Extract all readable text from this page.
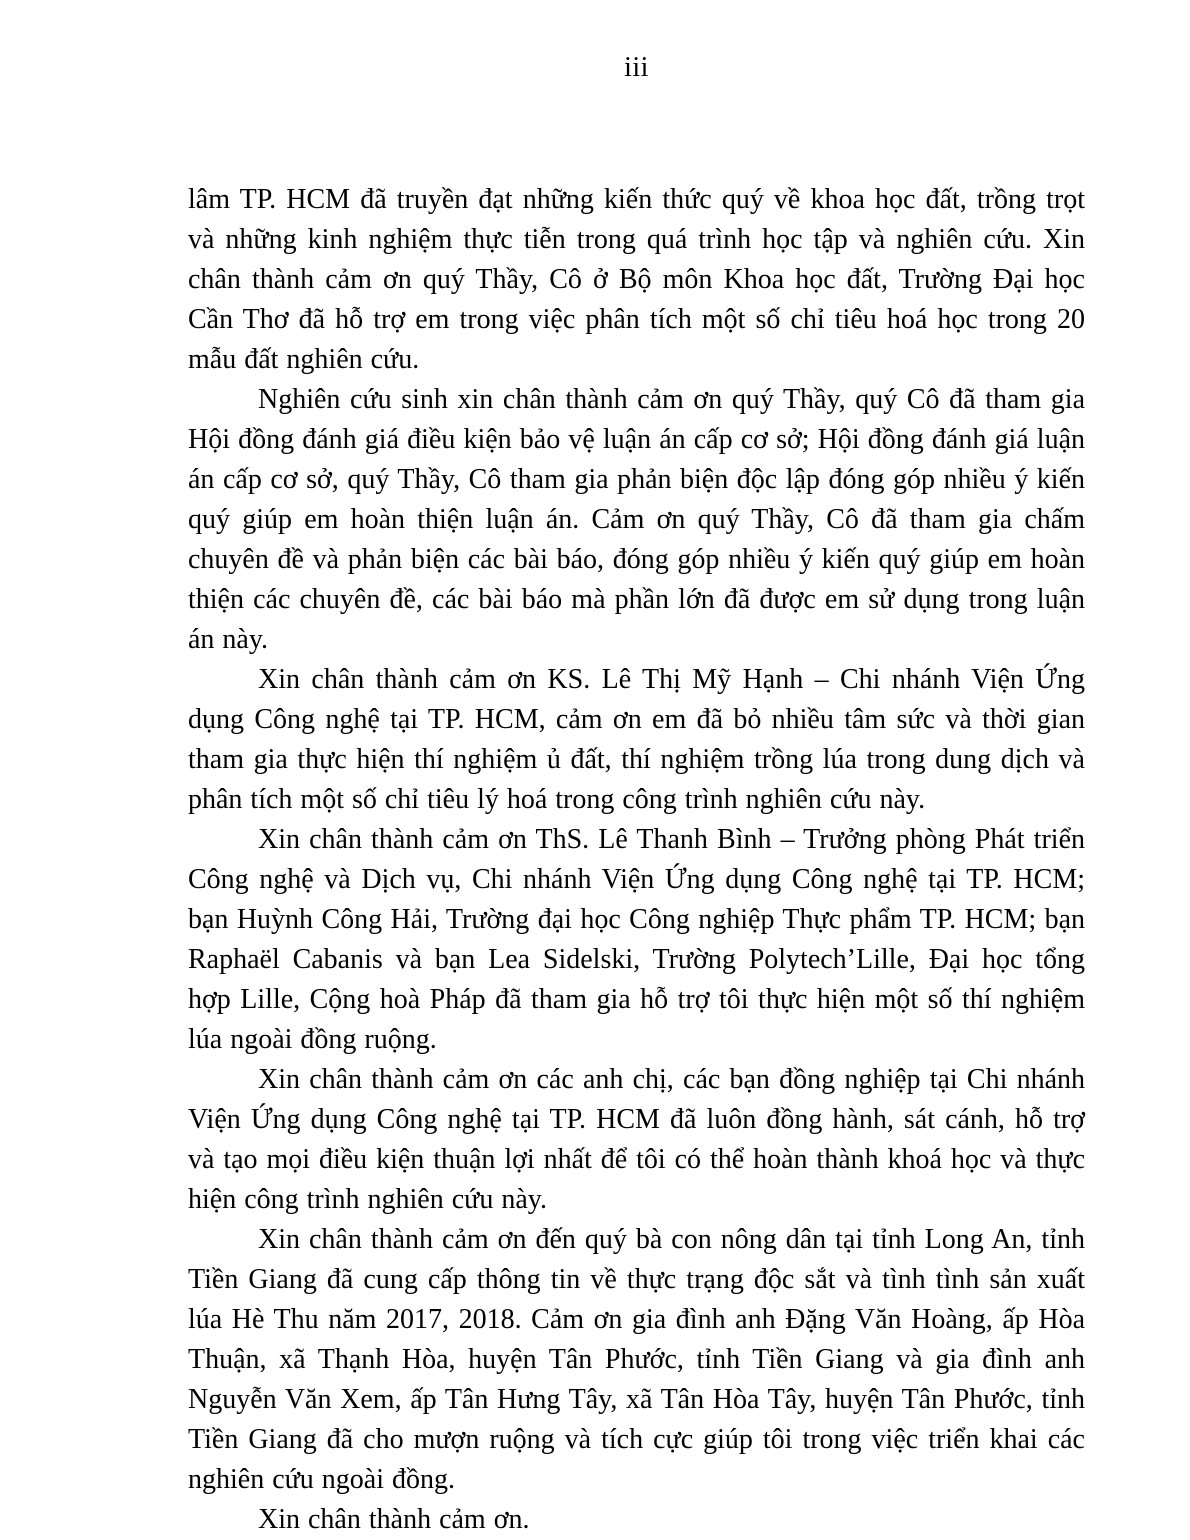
iii

lâm TP. HCM đã truyền đạt những kiến thức quý về khoa học đất, trồng trọt và những kinh nghiệm thực tiễn trong quá trình học tập và nghiên cứu. Xin chân thành cảm ơn quý Thầy, Cô ở Bộ môn Khoa học đất, Trường Đại học Cần Thơ đã hỗ trợ em trong việc phân tích một số chỉ tiêu hoá học trong 20 mẫu đất nghiên cứu.

Nghiên cứu sinh xin chân thành cảm ơn quý Thầy, quý Cô đã tham gia Hội đồng đánh giá điều kiện bảo vệ luận án cấp cơ sở; Hội đồng đánh giá luận án cấp cơ sở, quý Thầy, Cô tham gia phản biện độc lập đóng góp nhiều ý kiến quý giúp em hoàn thiện luận án. Cảm ơn quý Thầy, Cô đã tham gia chấm chuyên đề và phản biện các bài báo, đóng góp nhiều ý kiến quý giúp em hoàn thiện các chuyên đề, các bài báo mà phần lớn đã được em sử dụng trong luận án này.

Xin chân thành cảm ơn KS. Lê Thị Mỹ Hạnh – Chi nhánh Viện Ứng dụng Công nghệ tại TP. HCM, cảm ơn em đã bỏ nhiều tâm sức và thời gian tham gia thực hiện thí nghiệm ủ đất, thí nghiệm trồng lúa trong dung dịch và phân tích một số chỉ tiêu lý hoá trong công trình nghiên cứu này.

Xin chân thành cảm ơn ThS. Lê Thanh Bình – Trưởng phòng Phát triển Công nghệ và Dịch vụ, Chi nhánh Viện Ứng dụng Công nghệ tại TP. HCM; bạn Huỳnh Công Hải, Trường đại học Công nghiệp Thực phẩm TP. HCM; bạn Raphaël Cabanis và bạn Lea Sidelski, Trường Polytech’Lille, Đại học tổng hợp Lille, Cộng hoà Pháp đã tham gia hỗ trợ tôi thực hiện một số thí nghiệm lúa ngoài đồng ruộng.

Xin chân thành cảm ơn các anh chị, các bạn đồng nghiệp tại Chi nhánh Viện Ứng dụng Công nghệ tại TP. HCM đã luôn đồng hành, sát cánh, hỗ trợ và tạo mọi điều kiện thuận lợi nhất để tôi có thể hoàn thành khoá học và thực hiện công trình nghiên cứu này.

Xin chân thành cảm ơn đến quý bà con nông dân tại tỉnh Long An, tỉnh Tiền Giang đã cung cấp thông tin về thực trạng độc sắt và tình tình sản xuất lúa Hè Thu năm 2017, 2018. Cảm ơn gia đình anh Đặng Văn Hoàng, ấp Hòa Thuận, xã Thạnh Hòa, huyện Tân Phước, tỉnh Tiền Giang và gia đình anh Nguyễn Văn Xem, ấp Tân Hưng Tây, xã Tân Hòa Tây, huyện Tân Phước, tỉnh Tiền Giang đã cho mượn ruộng và tích cực giúp tôi trong việc triển khai các nghiên cứu ngoài đồng.

Xin chân thành cảm ơn.
